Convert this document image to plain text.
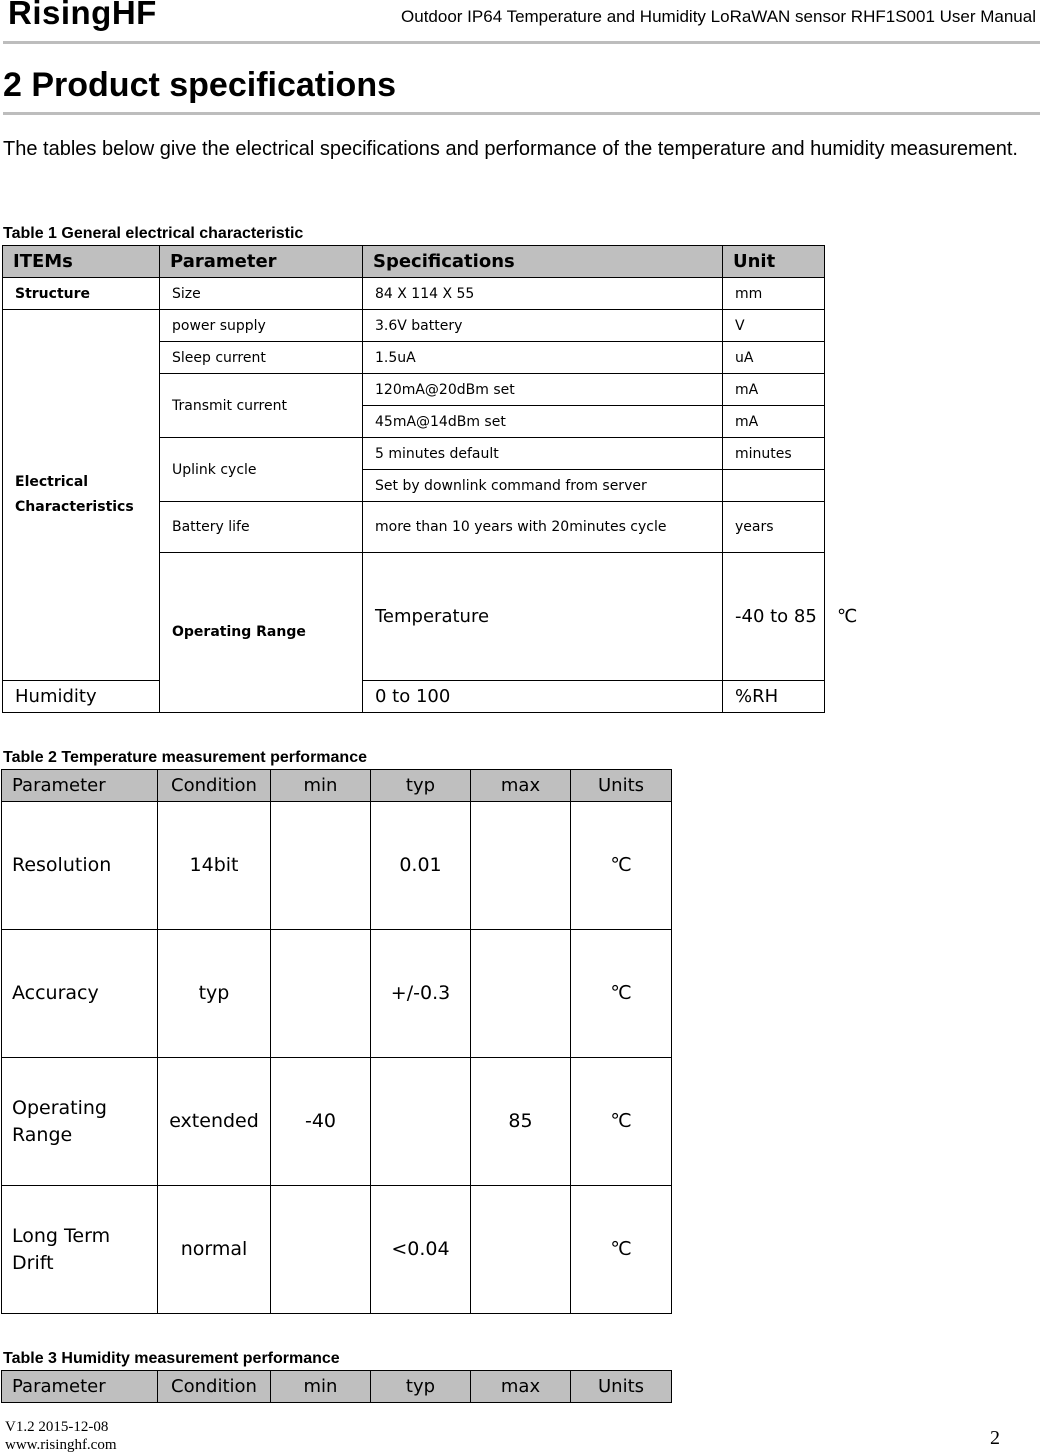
RisingHF	Outdoor IP64 Temperature and Humidity LoRaWAN sensor RHF1S001 User Manual
2 Product specifications
The tables below give the electrical specifications and performance of the temperature and humidity measurement.
Table 1 General electrical characteristic
ITEMs	Parameter	Specifications	Unit	
Structure	Size	84 X 114 X 55	mm	
Electrical Characteristics	power supply	3.6V battery	V	
	Sleep current	1.5uA	uA	
	Transmit current	120mA@20dBm set	mA	
		45mA@14dBm set	mA	
	Uplink cycle	5 minutes default	minutes	
		Set by downlink command from server		
	Battery life	more than 10 years with 20minutes cycle	years	
	Operating Range	Temperature	-40 to 85	℃
Humidity		0 to 100	%RH	
Table 2 Temperature measurement performance
Parameter	Condition	min	typ	max	Units
Resolution	14bit		0.01		℃
Accuracy	typ		+/-0.3		℃
Operating Range	extended	-40		85	℃
Long Term Drift	normal		<0.04		℃
Table 3 Humidity measurement performance
Parameter	Condition	min	typ	max	Units
V1.2 2015-12-08
www.risinghf.com	2
